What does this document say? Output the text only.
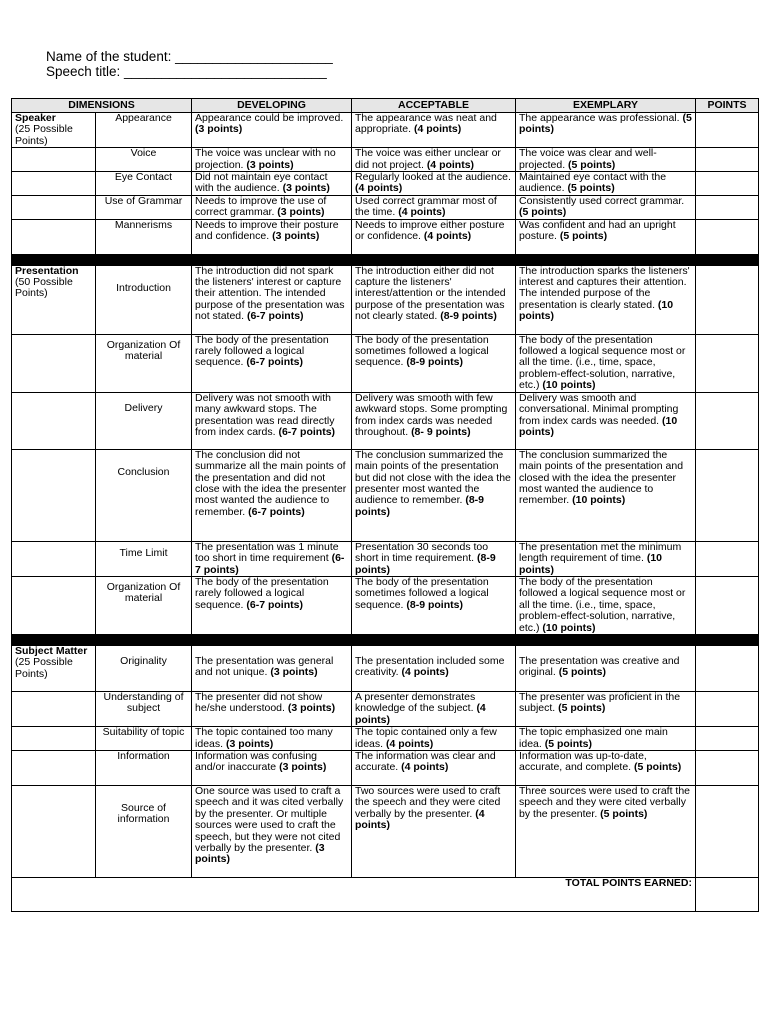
Name of the student: _____________________
Speech title: ___________________________
DIMENSIONS		DEVELOPING	ACCEPTABLE	EXEMPLARY	POINTS

Speaker
(25 Possible Points)	Appearance	Appearance could be improved. (3 points)	The appearance was neat and appropriate. (4 points)	The appearance was professional. (5 points)	
	Voice	The voice was unclear with no projection. (3 points)	The voice was either unclear or did not project. (4 points)	The voice was clear and well-projected. (5 points)	
	Eye Contact	Did not maintain eye contact with the audience. (3 points)	Regularly looked at the audience. (4 points)	Maintained eye contact with the audience. (5 points)	
	Use of Grammar	Needs to improve the use of correct grammar. (3 points)	Used correct grammar most of the time. (4 points)	Consistently used correct grammar. (5 points)	
	Mannerisms	Needs to improve their posture and confidence. (3 points)	Needs to improve either posture or confidence. (4 points)	Was confident and had an upright posture. (5 points)	

Presentation
(50 Possible Points)	Introduction	The introduction did not spark the listeners' interest or capture their attention. The intended purpose of the presentation was not stated. (6-7 points)	The introduction either did not capture the listeners' interest/attention or the intended purpose of the presentation was not clearly stated. (8-9 points)	The introduction sparks the listeners' interest and captures their attention. The intended purpose of the presentation is clearly stated. (10 points)	
	Organization Of material	The body of the presentation rarely followed a logical sequence. (6-7 points)	The body of the presentation sometimes followed a logical sequence. (8-9 points)	The body of the presentation followed a logical sequence most or all the time. (i.e., time, space, problem-effect-solution, narrative, etc.) (10 points)	
	Delivery	Delivery was not smooth with many awkward stops. The presentation was read directly from index cards. (6-7 points)	Delivery was smooth with few awkward stops. Some prompting from index cards was needed throughout. (8- 9 points)	Delivery was smooth and conversational. Minimal prompting from index cards was needed. (10 points)	
	Conclusion	The conclusion did not summarize all the main points of the presentation and did not close with the idea the presenter most wanted the audience to remember. (6-7 points)	The conclusion summarized the main points of the presentation but did not close with the idea the presenter most wanted the audience to remember. (8-9 points)	The conclusion summarized the main points of the presentation and closed with the idea the presenter most wanted the audience to remember. (10 points)	
	Time Limit	The presentation was 1 minute too short in time requirement (6-7 points)	Presentation 30 seconds too short in time requirement. (8-9 points)	The presentation met the minimum length requirement of time. (10 points)	
	Organization Of material	The body of the presentation rarely followed a logical sequence. (6-7 points)	The body of the presentation sometimes followed a logical sequence. (8-9 points)	The body of the presentation followed a logical sequence most or all the time. (i.e., time, space, problem-effect-solution, narrative, etc.) (10 points)	

Subject Matter
(25 Possible Points)	Originality	The presentation was general and not unique. (3 points)	The presentation included some creativity. (4 points)	The presentation was creative and original. (5 points)	
	Understanding of subject	The presenter did not show he/she understood. (3 points)	A presenter demonstrates knowledge of the subject. (4 points)	The presenter was proficient in the subject. (5 points)	
	Suitability of topic	The topic contained too many ideas. (3 points)	The topic contained only a few ideas. (4 points)	The topic emphasized one main idea. (5 points)	
	Information	Information was confusing and/or inaccurate (3 points)	The information was clear and accurate. (4 points)	Information was up-to-date, accurate, and complete. (5 points)	
	Source of information	One source was used to craft a speech and it was cited verbally by the presenter. Or multiple sources were used to craft the speech, but they were not cited verbally by the presenter. (3 points)	Two sources were used to craft the speech and they were cited verbally by the presenter. (4 points)	Three sources were used to craft the speech and they were cited verbally by the presenter. (5 points)	
TOTAL POINTS EARNED:					
